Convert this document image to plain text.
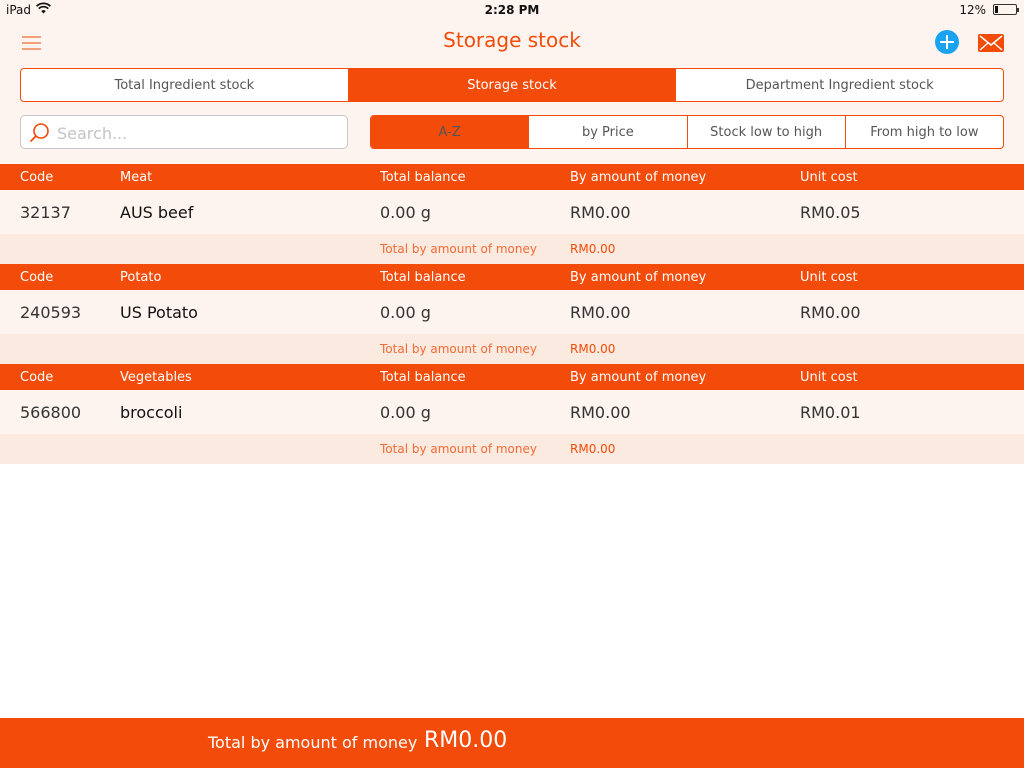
iPad	2:28 PM	12%
Storage stock
Total Ingredient stock	Storage stock	Department Ingredient stock
Search...
A-Z	by Price	Stock low to high	From high to low
Code	Meat	Total balance	By amount of money	Unit cost
32137	AUS beef	0.00 g	RM0.00	RM0.05
Total by amount of money	RM0.00
Code	Potato	Total balance	By amount of money	Unit cost
240593 US Potato	0.00 g	RM0.00	RM0.00
Total by amount of money	RM0.00
Code	Vegetables	Total balance	By amount of money	Unit cost
566800 broccoli	0.00 g	RM0.00	RM0.01
Total by amount of money	RM0.00
Total by amount of money RM0.00
